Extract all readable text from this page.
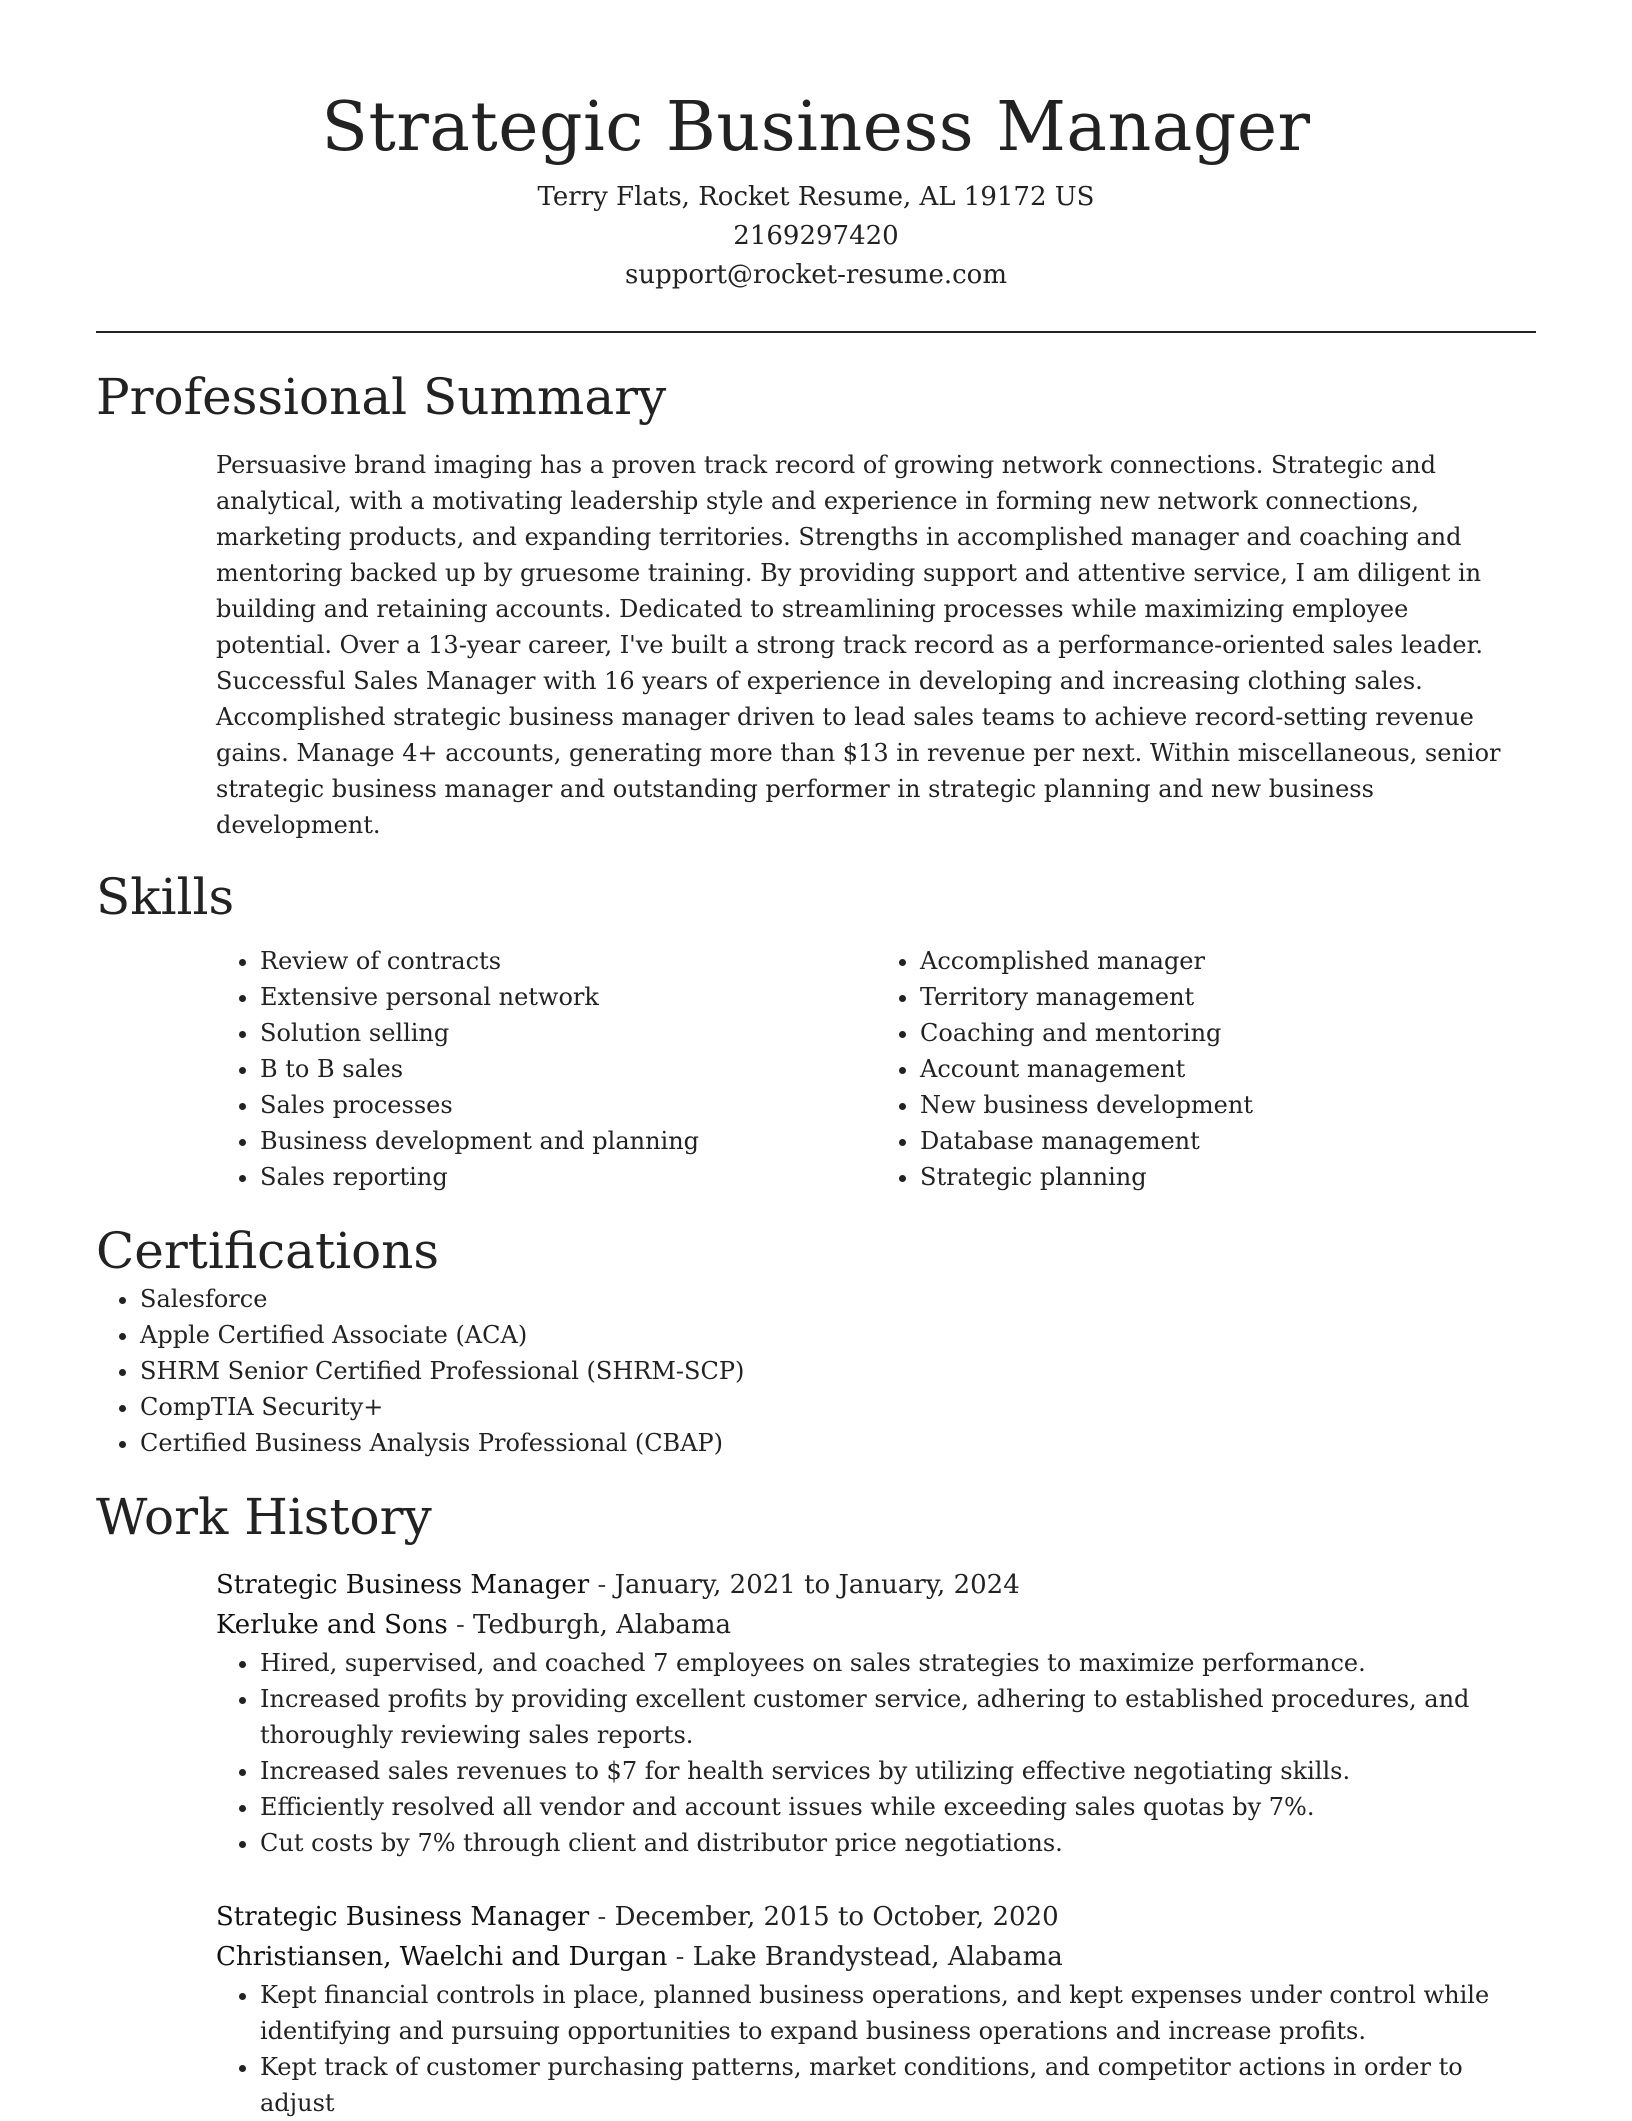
Strategic Business Manager
Terry Flats, Rocket Resume, AL 19172 US
2169297420
support@rocket-resume.com
Professional Summary
Persuasive brand imaging has a proven track record of growing network connections. Strategic and analytical, with a motivating leadership style and experience in forming new network connections, marketing products, and expanding territories. Strengths in accomplished manager and coaching and mentoring backed up by gruesome training. By providing support and attentive service, I am diligent in building and retaining accounts. Dedicated to streamlining processes while maximizing employee potential. Over a 13-year career, I've built a strong track record as a performance-oriented sales leader. Successful Sales Manager with 16 years of experience in developing and increasing clothing sales. Accomplished strategic business manager driven to lead sales teams to achieve record-setting revenue gains. Manage 4+ accounts, generating more than $13 in revenue per next. Within miscellaneous, senior strategic business manager and outstanding performer in strategic planning and new business development.
Skills
• Review of contracts
• Extensive personal network
• Solution selling
• B to B sales
• Sales processes
• Business development and planning
• Sales reporting
• Accomplished manager
• Territory management
• Coaching and mentoring
• Account management
• New business development
• Database management
• Strategic planning
Certifications
• Salesforce
• Apple Certified Associate (ACA)
• SHRM Senior Certified Professional (SHRM-SCP)
• CompTIA Security+
• Certified Business Analysis Professional (CBAP)
Work History
Strategic Business Manager - January, 2021 to January, 2024
Kerluke and Sons - Tedburgh, Alabama
• Hired, supervised, and coached 7 employees on sales strategies to maximize performance.
• Increased profits by providing excellent customer service, adhering to established procedures, and thoroughly reviewing sales reports.
• Increased sales revenues to $7 for health services by utilizing effective negotiating skills.
• Efficiently resolved all vendor and account issues while exceeding sales quotas by 7%.
• Cut costs by 7% through client and distributor price negotiations.
Strategic Business Manager - December, 2015 to October, 2020
Christiansen, Waelchi and Durgan - Lake Brandystead, Alabama
• Kept financial controls in place, planned business operations, and kept expenses under control while identifying and pursuing opportunities to expand business operations and increase profits.
• Kept track of customer purchasing patterns, market conditions, and competitor actions in order to adjust
